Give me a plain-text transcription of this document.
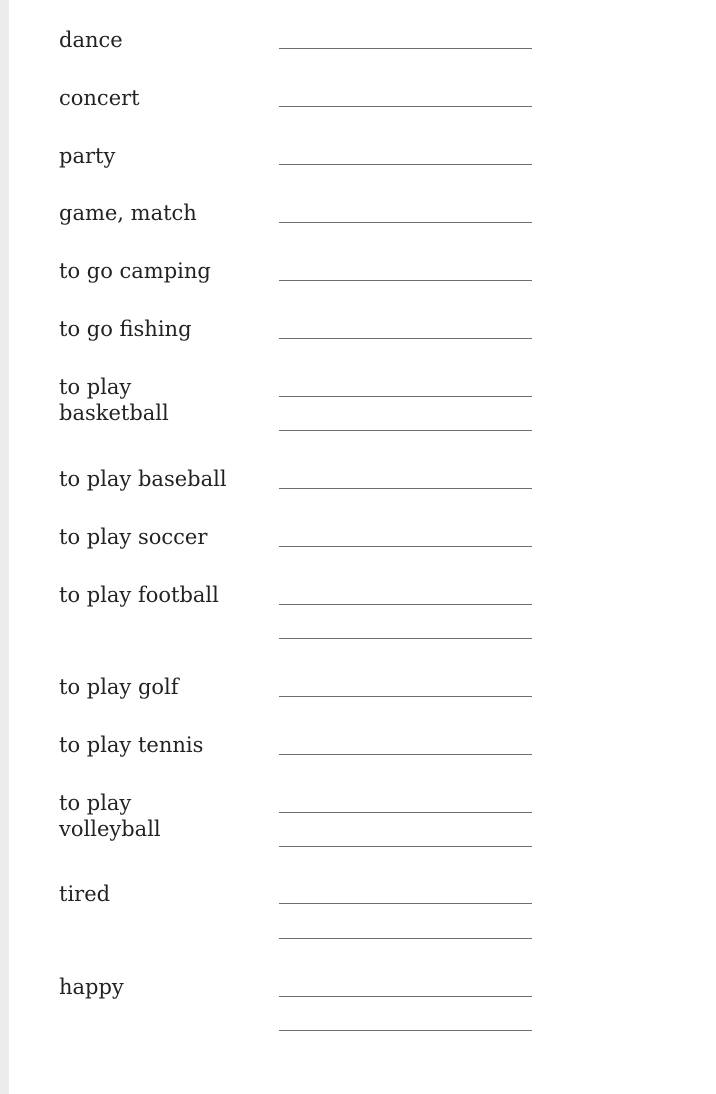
dance
concert
party
game, match
to go camping
to go fishing
to play
basketball
to play baseball
to play soccer
to play football
to play golf
to play tennis
to play
volleyball
tired
happy
